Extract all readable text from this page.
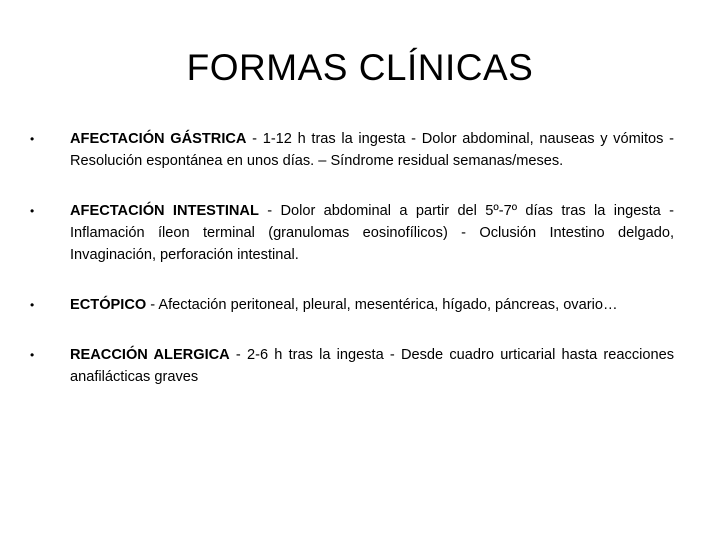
FORMAS CLÍNICAS
• AFECTACIÓN GÁSTRICA - 1-12 h tras la ingesta - Dolor abdominal, nauseas y vómitos - Resolución espontánea en unos días. – Síndrome residual semanas/meses.
• AFECTACIÓN INTESTINAL - Dolor abdominal a partir del 5º-7º días tras la ingesta - Inflamación íleon terminal (granulomas eosinofílicos) - Oclusión Intestino delgado, Invaginación, perforación intestinal.
• ECTÓPICO - Afectación peritoneal, pleural, mesentérica, hígado, páncreas, ovario…
• REACCIÓN ALERGICA - 2-6 h tras la ingesta - Desde cuadro urticarial hasta reacciones anafilácticas graves
